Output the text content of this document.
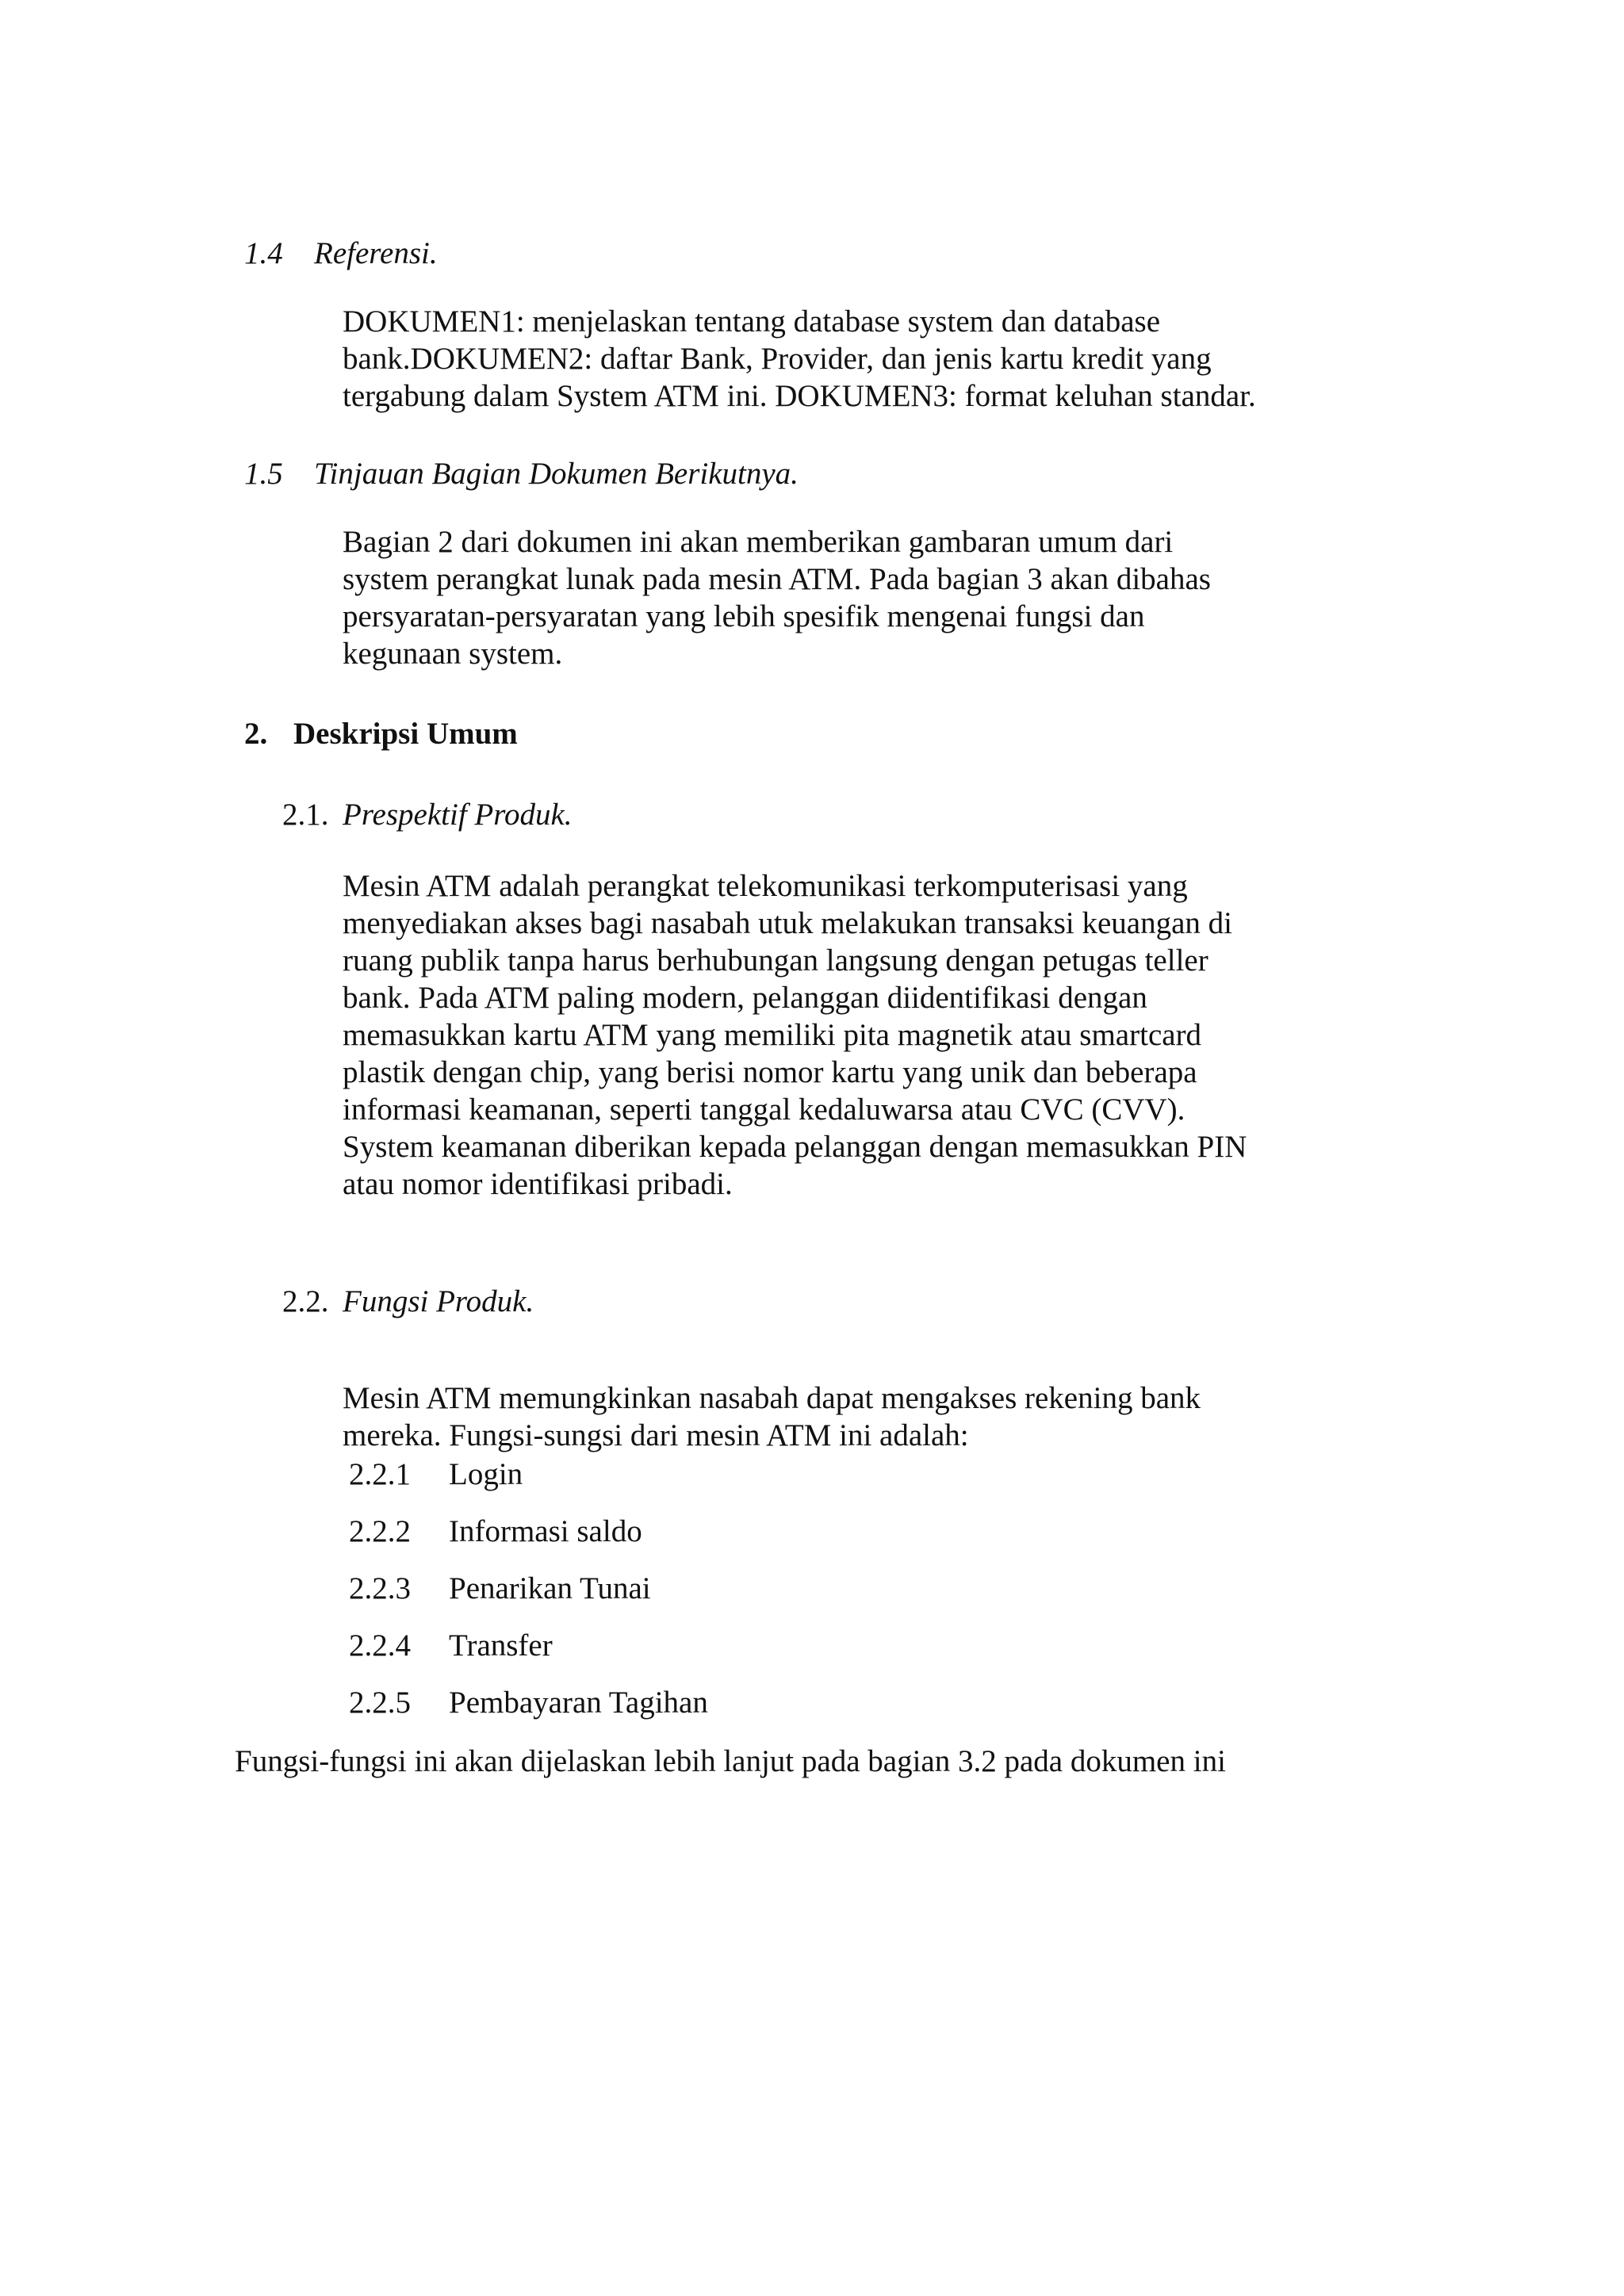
1.4 Referensi.
DOKUMEN1: menjelaskan tentang database system dan database
bank.DOKUMEN2: daftar Bank, Provider, dan jenis kartu kredit yang
tergabung dalam System ATM ini. DOKUMEN3: format keluhan standar.
1.5 Tinjauan Bagian Dokumen Berikutnya.
Bagian 2 dari dokumen ini akan memberikan gambaran umum dari
system perangkat lunak pada mesin ATM. Pada bagian 3 akan dibahas
persyaratan-persyaratan yang lebih spesifik mengenai fungsi dan
kegunaan system.
2. Deskripsi Umum
2.1. Prespektif Produk.
Mesin ATM adalah perangkat telekomunikasi terkomputerisasi yang
menyediakan akses bagi nasabah utuk melakukan transaksi keuangan di
ruang publik tanpa harus berhubungan langsung dengan petugas teller
bank. Pada ATM paling modern, pelanggan diidentifikasi dengan
memasukkan kartu ATM yang memiliki pita magnetik atau smartcard
plastik dengan chip, yang berisi nomor kartu yang unik dan beberapa
informasi keamanan, seperti tanggal kedaluwarsa atau CVC (CVV).
System keamanan diberikan kepada pelanggan dengan memasukkan PIN
atau nomor identifikasi pribadi.
2.2. Fungsi Produk.
Mesin ATM memungkinkan nasabah dapat mengakses rekening bank
mereka. Fungsi-sungsi dari mesin ATM ini adalah:
2.2.1 Login
2.2.2 Informasi saldo
2.2.3 Penarikan Tunai
2.2.4 Transfer
2.2.5 Pembayaran Tagihan
Fungsi-fungsi ini akan dijelaskan lebih lanjut pada bagian 3.2 pada dokumen ini
